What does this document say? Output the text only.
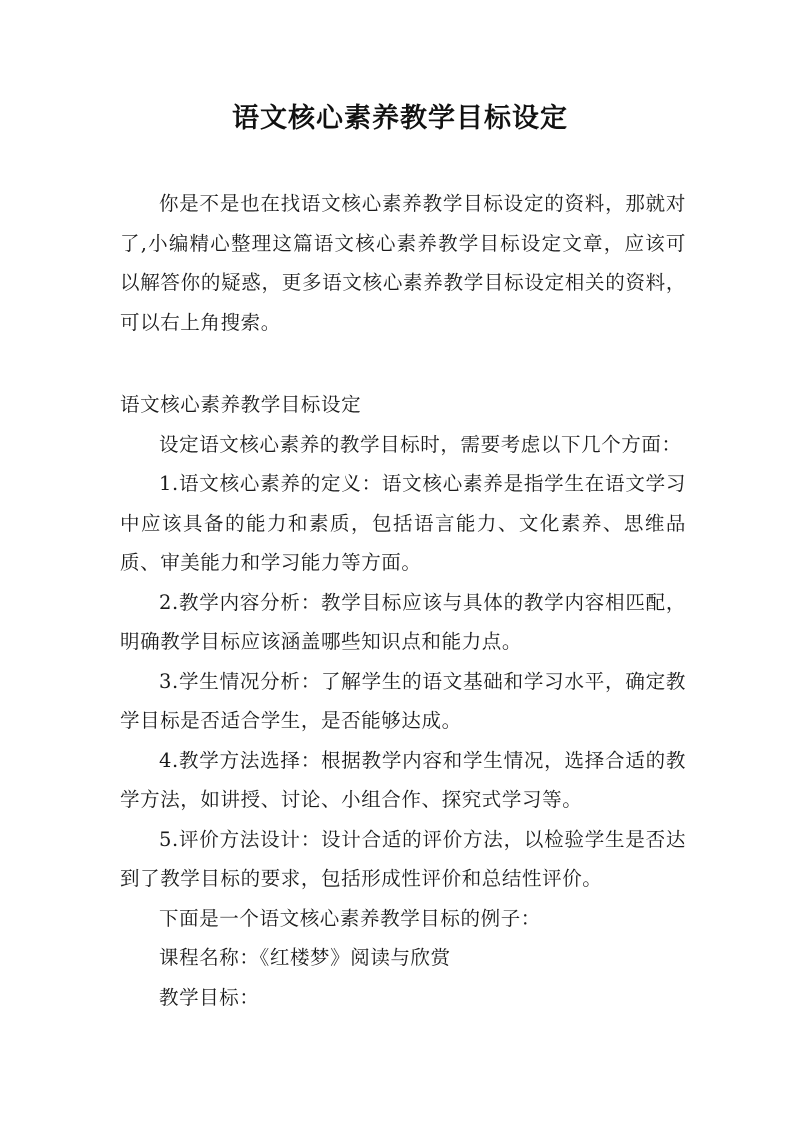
语文核心素养教学目标设定

你是不是也在找语文核心素养教学目标设定的资料，那就对了,小编精心整理这篇语文核心素养教学目标设定文章，应该可以解答你的疑惑，更多语文核心素养教学目标设定相关的资料，可以右上角搜索。

语文核心素养教学目标设定

设定语文核心素养的教学目标时，需要考虑以下几个方面：

1.语文核心素养的定义：语文核心素养是指学生在语文学习中应该具备的能力和素质，包括语言能力、文化素养、思维品质、审美能力和学习能力等方面。

2.教学内容分析：教学目标应该与具体的教学内容相匹配，明确教学目标应该涵盖哪些知识点和能力点。

3.学生情况分析：了解学生的语文基础和学习水平，确定教学目标是否适合学生，是否能够达成。

4.教学方法选择：根据教学内容和学生情况，选择合适的教学方法，如讲授、讨论、小组合作、探究式学习等。

5.评价方法设计：设计合适的评价方法，以检验学生是否达到了教学目标的要求，包括形成性评价和总结性评价。

下面是一个语文核心素养教学目标的例子：

课程名称：《红楼梦》阅读与欣赏

教学目标：
